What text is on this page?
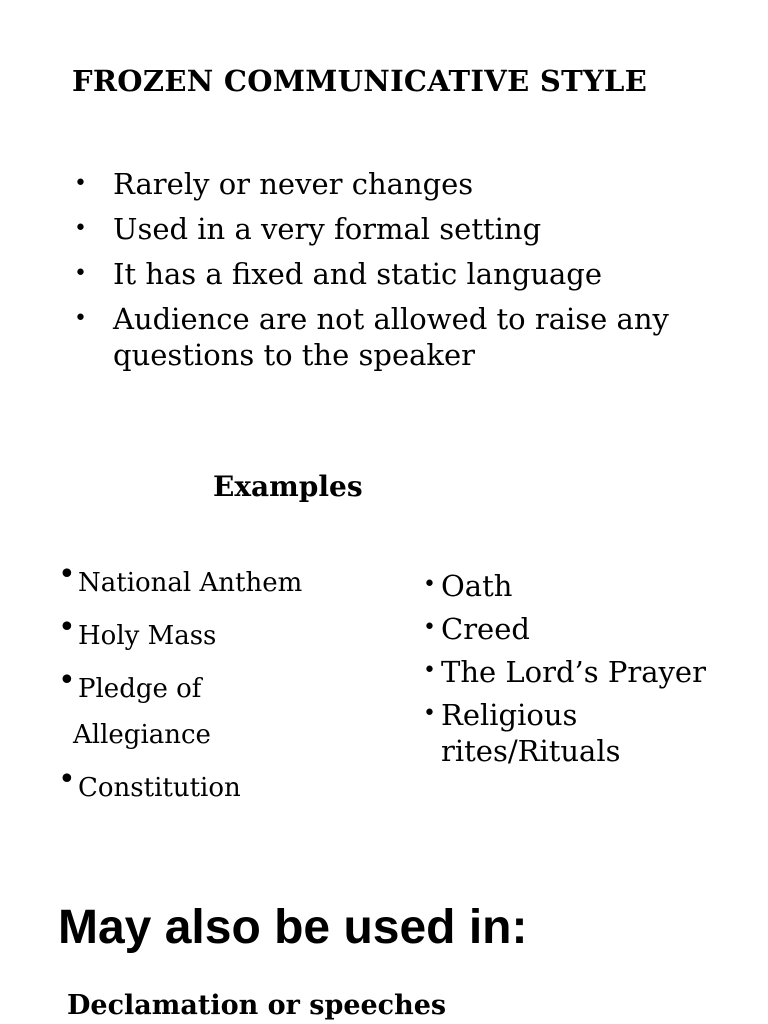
FROZEN COMMUNICATIVE STYLE
• Rarely or never changes
• Used in a very formal setting
• It has a fixed and static language
• Audience are not allowed to raise any questions to the speaker
Examples
• National Anthem
• Holy Mass
• Pledge of
Allegiance
• Constitution
• Oath
• Creed
• The Lord’s Prayer
• Religious rites/Rituals
May also be used in:
Declamation or speeches
